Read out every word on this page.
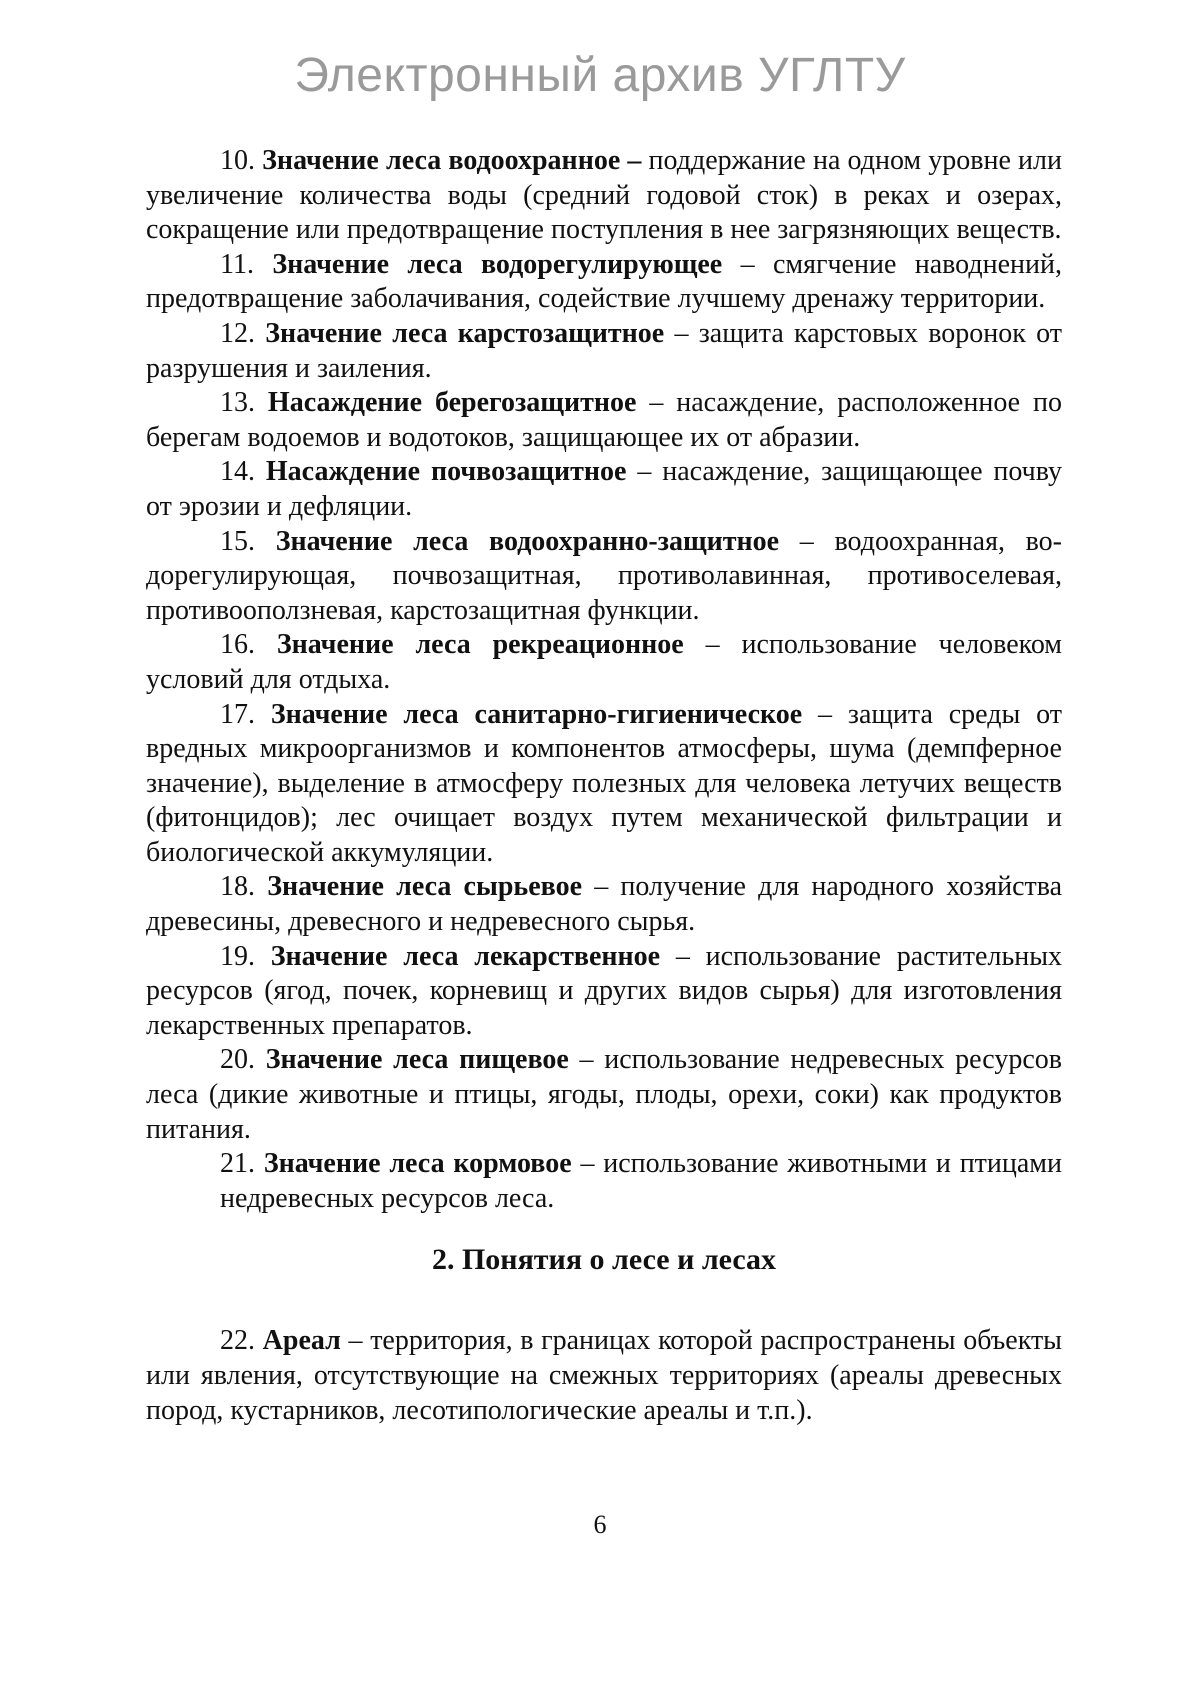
Электронный архив УГЛТУ

10. Значение леса водоохранное – поддержание на одном уровне или увеличение количества воды (средний годовой сток) в реках и озерах, сокращение или предотвращение поступления в нее загрязняющих веществ.

11. Значение леса водорегулирующее – смягчение наводнений, предотвращение заболачивания, содействие лучшему дренажу территории.

12. Значение леса карстозащитное – защита карстовых воронок от разрушения и заиления.

13. Насаждение берегозащитное – насаждение, расположенное по берегам водоемов и водотоков, защищающее их от абразии.

14. Насаждение почвозащитное – насаждение, защищающее почву от эрозии и дефляции.

15. Значение леса водоохранно-защитное – водоохранная, водорегулирующая, почвозащитная, противолавинная, противоселевая, противооползневая, карстозащитная функции.

16. Значение леса рекреационное – использование человеком условий для отдыха.

17. Значение леса санитарно-гигиеническое – защита среды от вредных микроорганизмов и компонентов атмосферы, шума (демпферное значение), выделение в атмосферу полезных для человека летучих веществ (фитонцидов); лес очищает воздух путем механической фильтрации и биологической аккумуляции.

18. Значение леса сырьевое – получение для народного хозяйства древесины, древесного и недревесного сырья.

19. Значение леса лекарственное – использование растительных ресурсов (ягод, почек, корневищ и других видов сырья) для изготовления лекарственных препаратов.

20. Значение леса пищевое – использование недревесных ресурсов леса (дикие животные и птицы, ягоды, плоды, орехи, соки) как продуктов питания.

21. Значение леса кормовое – использование животными и птицами недревесных ресурсов леса.

2. Понятия о лесе и лесах

22. Ареал – территория, в границах которой распространены объекты или явления, отсутствующие на смежных территориях (ареалы древесных пород, кустарников, лесотипологические ареалы и т.п.).

6
